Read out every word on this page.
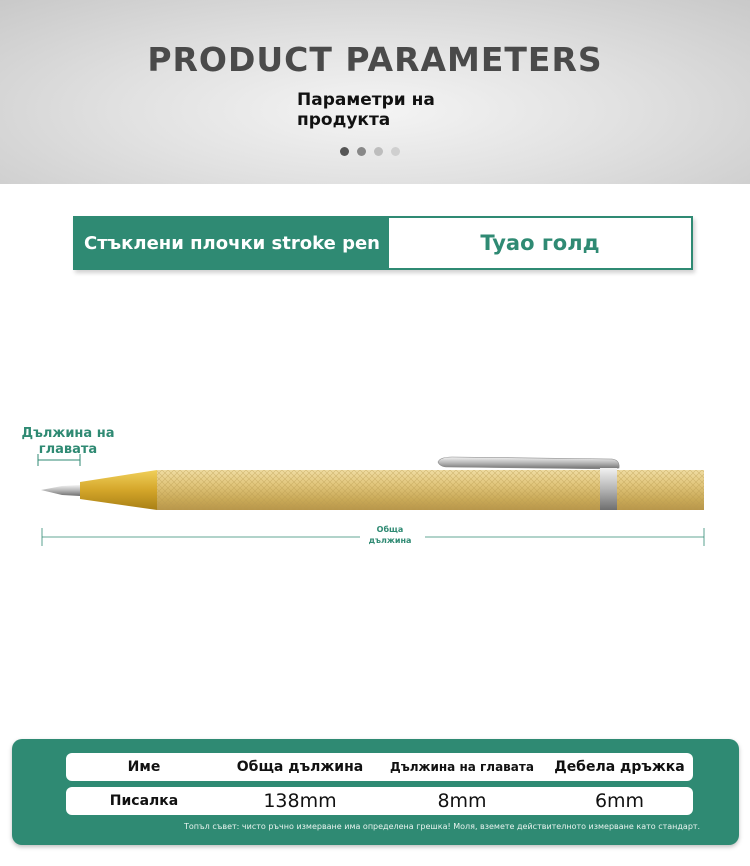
PRODUCT PARAMETERS
Параметри на продукта
Стъклени плочки stroke pen	Tyao голд
Дължина на главата
Обща дължина
Име	Обща дължина	Дължина на главата	Дебела дръжка
Писалка	138mm	8mm	6mm
Топъл съвет: чисто ръчно измерване има определена грешка! Моля, вземете действителното измерване като стандарт.
